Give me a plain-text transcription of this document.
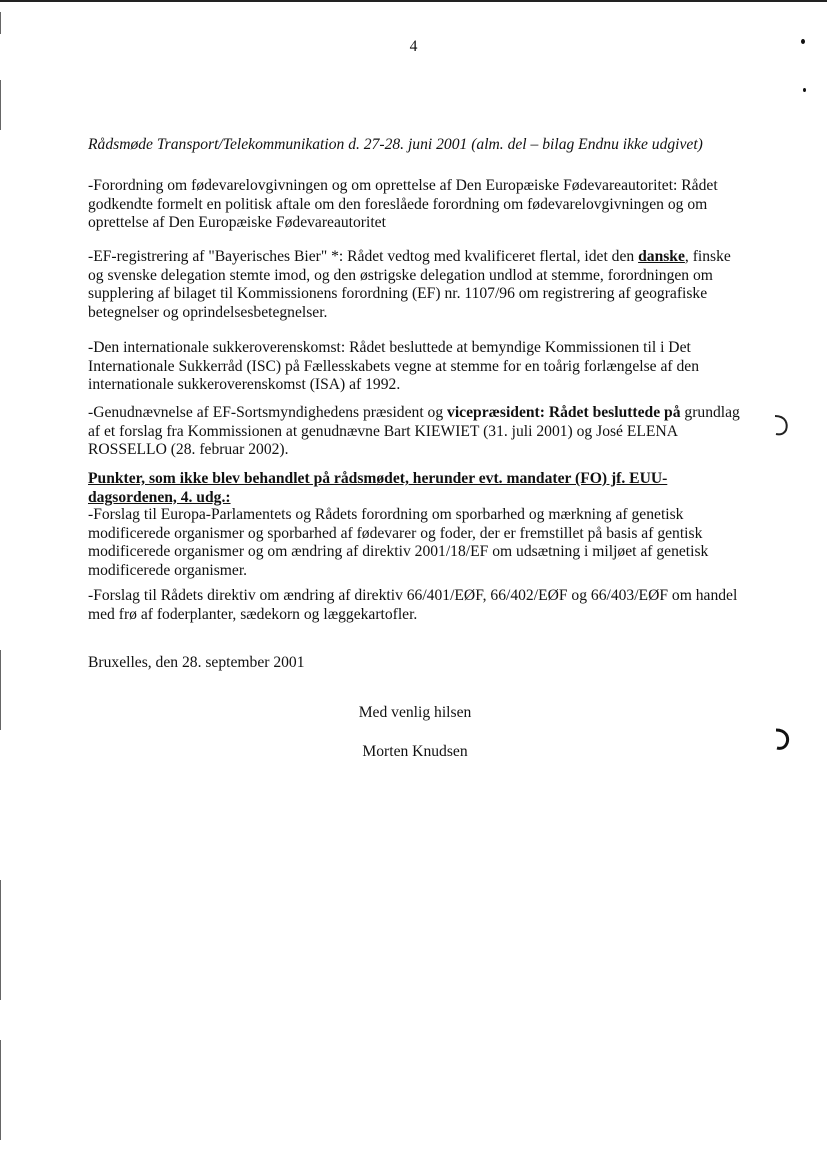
4
Rådsmøde Transport/Telekommunikation d. 27-28. juni 2001 (alm. del – bilag Endnu ikke udgivet)
-Forordning om fødevarelovgivningen og om oprettelse af Den Europæiske Fødevareautoritet: Rådet godkendte formelt en politisk aftale om den foreslåede forordning om fødevarelovgivningen og om oprettelse af Den Europæiske Fødevareautoritet
-EF-registrering af "Bayerisches Bier" *: Rådet vedtog med kvalificeret flertal, idet den danske, finske og svenske delegation stemte imod, og den østrigske delegation undlod at stemme, forordningen om supplering af bilaget til Kommissionens forordning (EF) nr. 1107/96 om registrering af geografiske betegnelser og oprindelsesbetegnelser.
-Den internationale sukkeroverenskomst: Rådet besluttede at bemyndige Kommissionen til i Det Internationale Sukkerråd (ISC) på Fællesskabets vegne at stemme for en toårig forlængelse af den internationale sukkeroverenskomst (ISA) af 1992.
-Genudnævnelse af EF-Sortsmyndighedens præsident og vicepræsident: Rådet besluttede på grundlag af et forslag fra Kommissionen at genudnævne Bart KIEWIET (31. juli 2001) og José ELENA ROSSELLO (28. februar 2002).
Punkter, som ikke blev behandlet på rådsmødet, herunder evt. mandater (FO) jf. EUU-dagsordenen, 4. udg.:
-Forslag til Europa-Parlamentets og Rådets forordning om sporbarhed og mærkning af genetisk modificerede organismer og sporbarhed af fødevarer og foder, der er fremstillet på basis af gentisk modificerede organismer og om ændring af direktiv 2001/18/EF om udsætning i miljøet af genetisk modificerede organismer.
-Forslag til Rådets direktiv om ændring af direktiv 66/401/EØF, 66/402/EØF og 66/403/EØF om handel med frø af foderplanter, sædekorn og læggekartofler.
Bruxelles, den 28. september 2001
Med venlig hilsen
Morten Knudsen
